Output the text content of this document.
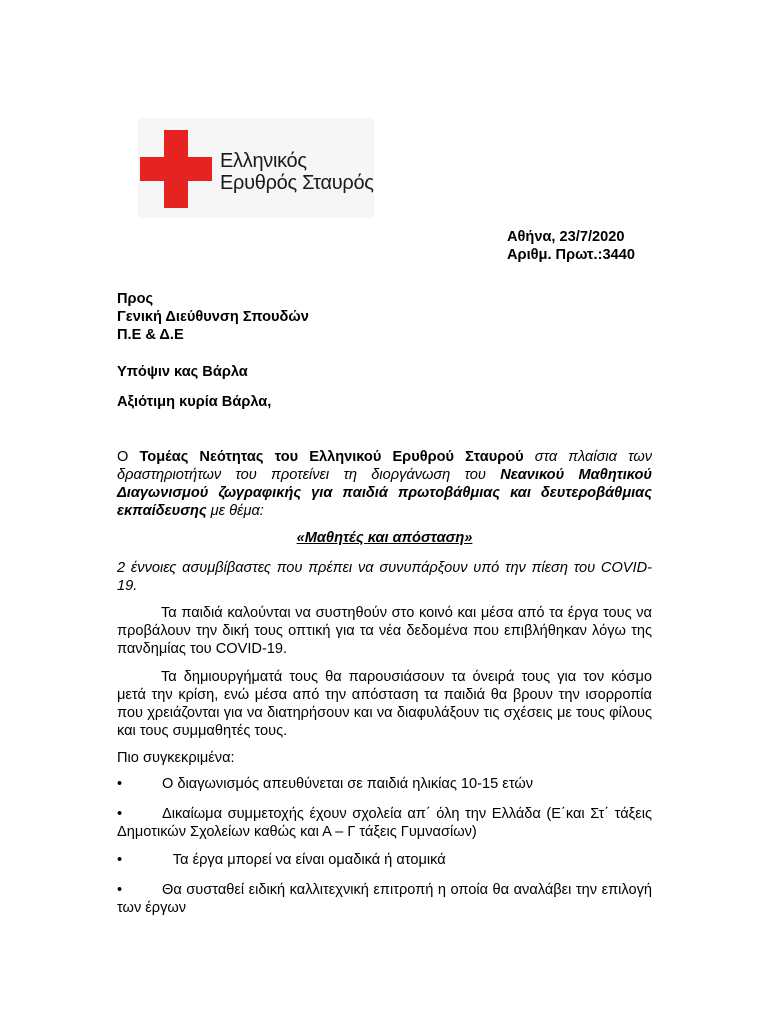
Ελληνικός
Ερυθρός Σταυρός
Αθήνα, 23/7/2020
Αριθμ. Πρωτ.:3440
Προς
Γενική Διεύθυνση Σπουδών
Π.Ε & Δ.Ε
Υπόψιν κας Βάρλα
Αξιότιμη κυρία Βάρλα,
Ο Τομέας Νεότητας του Ελληνικού Ερυθρού Σταυρού στα πλαίσια των δραστηριοτήτων του προτείνει τη διοργάνωση του Νεανικού Μαθητικού Διαγωνισμού ζωγραφικής για παιδιά πρωτοβάθμιας και δευτεροβάθμιας εκπαίδευσης με θέμα:
«Μαθητές και απόσταση»
2 έννοιες ασυμβίβαστες που πρέπει να συνυπάρξουν υπό την πίεση του COVID-19.
Τα παιδιά καλούνται να συστηθούν στο κοινό και μέσα από τα έργα τους να προβάλουν την δική τους οπτική για τα νέα δεδομένα που επιβλήθηκαν λόγω της πανδημίας του COVID-19.
Τα δημιουργήματά τους θα παρουσιάσουν τα όνειρά τους για τον κόσμο μετά την κρίση, ενώ μέσα από την απόσταση τα παιδιά θα βρουν την ισορροπία που χρειάζονται για να διατηρήσουν και να διαφυλάξουν τις σχέσεις με τους φίλους και τους συμμαθητές τους.
Πιο συγκεκριμένα:
•	Ο διαγωνισμός απευθύνεται σε παιδιά ηλικίας 10-15 ετών
•	Δικαίωμα συμμετοχής έχουν σχολεία απ΄ όλη την Ελλάδα (Ε΄και Στ΄ τάξεις Δημοτικών Σχολείων καθώς και Α – Γ τάξεις Γυμνασίων)
•	Τα έργα μπορεί να είναι ομαδικά ή ατομικά
•	Θα συσταθεί ειδική καλλιτεχνική επιτροπή η οποία θα αναλάβει την επιλογή των έργων
